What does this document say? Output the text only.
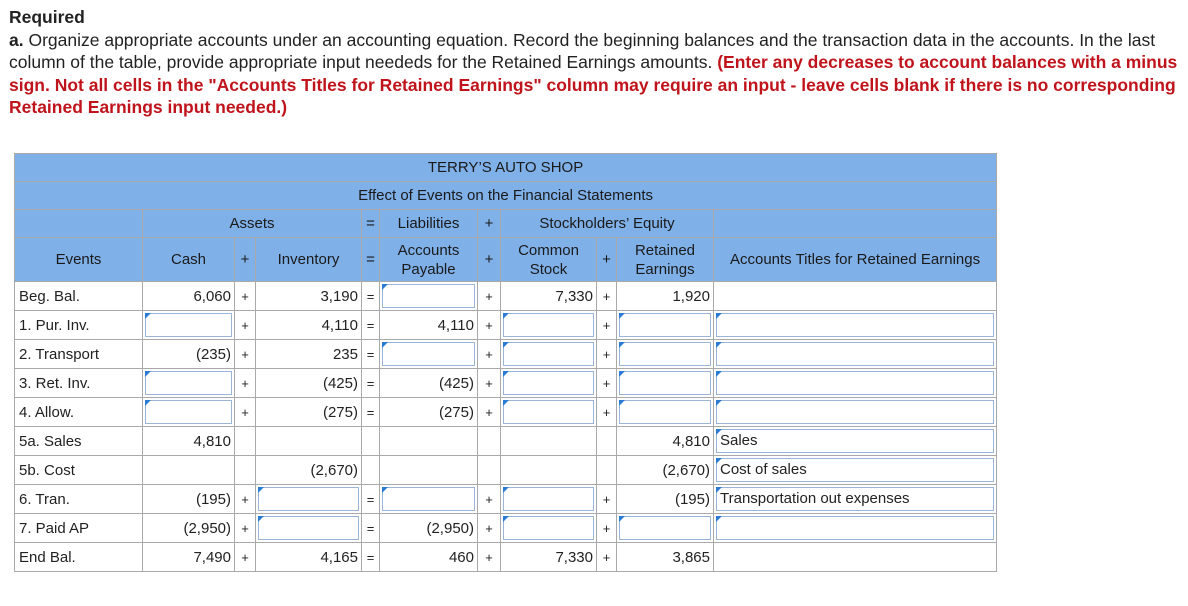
Required
a. Organize appropriate accounts under an accounting equation. Record the beginning balances and the transaction data in the accounts. In the last column of the table, provide appropriate input neededs for the Retained Earnings amounts. (Enter any decreases to account balances with a minus sign. Not all cells in the "Accounts Titles for Retained Earnings" column may require an input - leave cells blank if there is no corresponding Retained Earnings input needed.)
TERRY’S AUTO SHOP										
Effect of Events on the Financial Statements										
	Assets			=	Liabilities	+	Stockholders’ Equity			
Events	Cash	+	Inventory	=	Accounts Payable	+	Common Stock	+	Retained Earnings	Accounts Titles for Retained Earnings
Beg. Bal.	6,060	+	3,190	=		+	7,330	+	1,920	
1. Pur. Inv.		+	4,110	=	4,110	+		+	

2. Transport	(235)	+	235	=		+		+	

3. Ret. Inv.		+	(425)	=	(425)	+		+	

4. Allow.		+	(275)	=	(275)	+		+	

5a. Sales	4,810								4,810	Sales

5b. Cost			(2,670)						(2,670)	Cost of sales

6. Tran.	(195)	+		=		+		+	(195)	Transportation out expenses

7. Paid AP	(2,950)	+		=	(2,950)	+		+	

End Bal.	7,490	+	4,165	=	460	+	7,330	+	3,865	
